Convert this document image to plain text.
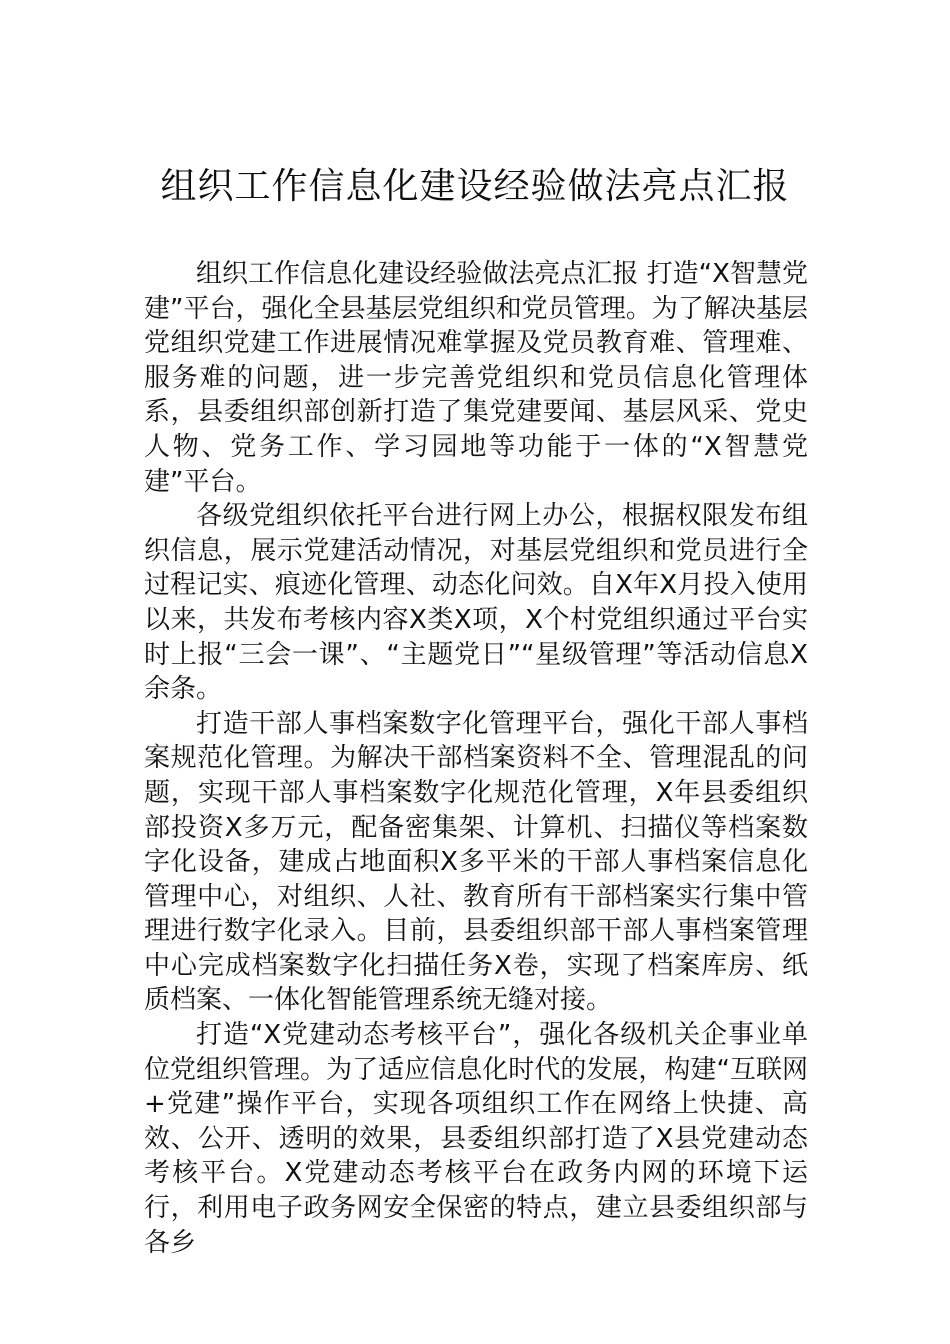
组织工作信息化建设经验做法亮点汇报

组织工作信息化建设经验做法亮点汇报 打造“X智慧党建”平台，强化全县基层党组织和党员管理。为了解决基层党组织党建工作进展情况难掌握及党员教育难、管理难、服务难的问题，进一步完善党组织和党员信息化管理体系，县委组织部创新打造了集党建要闻、基层风采、党史人物、党务工作、学习园地等功能于一体的“X智慧党建”平台。

各级党组织依托平台进行网上办公，根据权限发布组织信息，展示党建活动情况，对基层党组织和党员进行全过程记实、痕迹化管理、动态化问效。自X年X月投入使用以来，共发布考核内容X类X项，X个村党组织通过平台实时上报“三会一课”、“主题党日”“星级管理”等活动信息X余条。

打造干部人事档案数字化管理平台，强化干部人事档案规范化管理。为解决干部档案资料不全、管理混乱的问题，实现干部人事档案数字化规范化管理，X年县委组织部投资X多万元，配备密集架、计算机、扫描仪等档案数字化设备，建成占地面积X多平米的干部人事档案信息化管理中心，对组织、人社、教育所有干部档案实行集中管理进行数字化录入。目前，县委组织部干部人事档案管理中心完成档案数字化扫描任务X卷，实现了档案库房、纸质档案、一体化智能管理系统无缝对接。

打造“X党建动态考核平台”，强化各级机关企事业单位党组织管理。为了适应信息化时代的发展，构建“互联网+党建”操作平台，实现各项组织工作在网络上快捷、高效、公开、透明的效果，县委组织部打造了X县党建动态考核平台。X党建动态考核平台在政务内网的环境下运行，利用电子政务网安全保密的特点，建立县委组织部与各乡
